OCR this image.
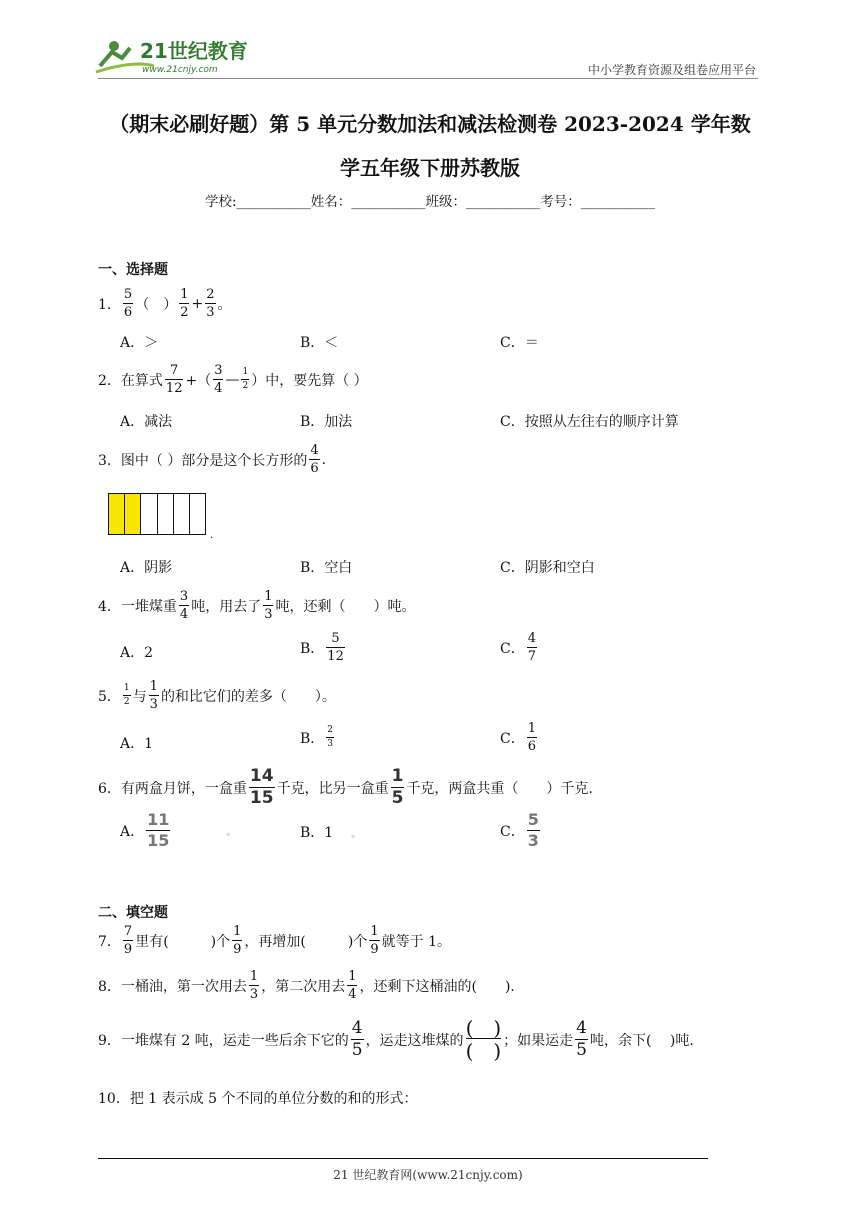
21世纪教育
www.21cnjy.com	中小学教育资源及组卷应用平台
（期末必刷好题）第 5 单元分数加法和减法检测卷 2023-2024 学年数
学五年级下册苏教版
学校:___________姓名：___________班级：___________考号：___________
一、选择题
1． $\frac{5}{6}$ （　） $\frac{1}{2} + \frac{2}{3}$ 。
A．＞	B．＜	C．＝
2． 在算式 $\frac{7}{12}$ +（ $\frac{3}{4}$ — $\frac{1}{2}$ ）中，要先算（ ）
A．减法	B．加法	C．按照从左往右的顺序计算
3． 图中（ ）部分是这个长方形的 $\frac{4}{6}$ .
.
A．阴影	B．空白	C．阴影和空白
4． 一堆煤重 $\frac{3}{4}$ 吨，用去了 $\frac{1}{3}$ 吨，还剩（　　）吨。
A．2	B． $\frac{5}{12}$	C． $\frac{4}{7}$
5． $\frac{1}{2}$ 与 $\frac{1}{3}$ 的和比它们的差多（　　）。
A．1	B． $\frac{2}{3}$	C． $\frac{1}{6}$
6． 有两盒月饼，一盒重 $\frac{14}{15}$ 千克，比另一盒重 $\frac{1}{5}$ 千克，两盒共重（　　）千克.
A． $\frac{11}{15}$	。	B．1 。	C． $\frac{5}{3}$
二、填空题
7． $\frac{7}{9}$ 里有(　　　)个 $\frac{1}{9}$ ，再增加(　　　)个 $\frac{1}{9}$ 就等于 1。
8． 一桶油，第一次用去 $\frac{1}{3}$ ，第二次用去 $\frac{1}{4}$ ，还剩下这桶油的(　　).
9． 一堆煤有 2 吨，运走一些后余下它的 $\frac{4}{5}$ ，运走这堆煤的
(　)
(　) ；如果运走 $\frac{4}{5}$ 吨，余下(　 )吨.
10． 把 1 表示成 5 个不同的单位分数的和的形式：
21 世纪教育网(www.21cnjy.com)
